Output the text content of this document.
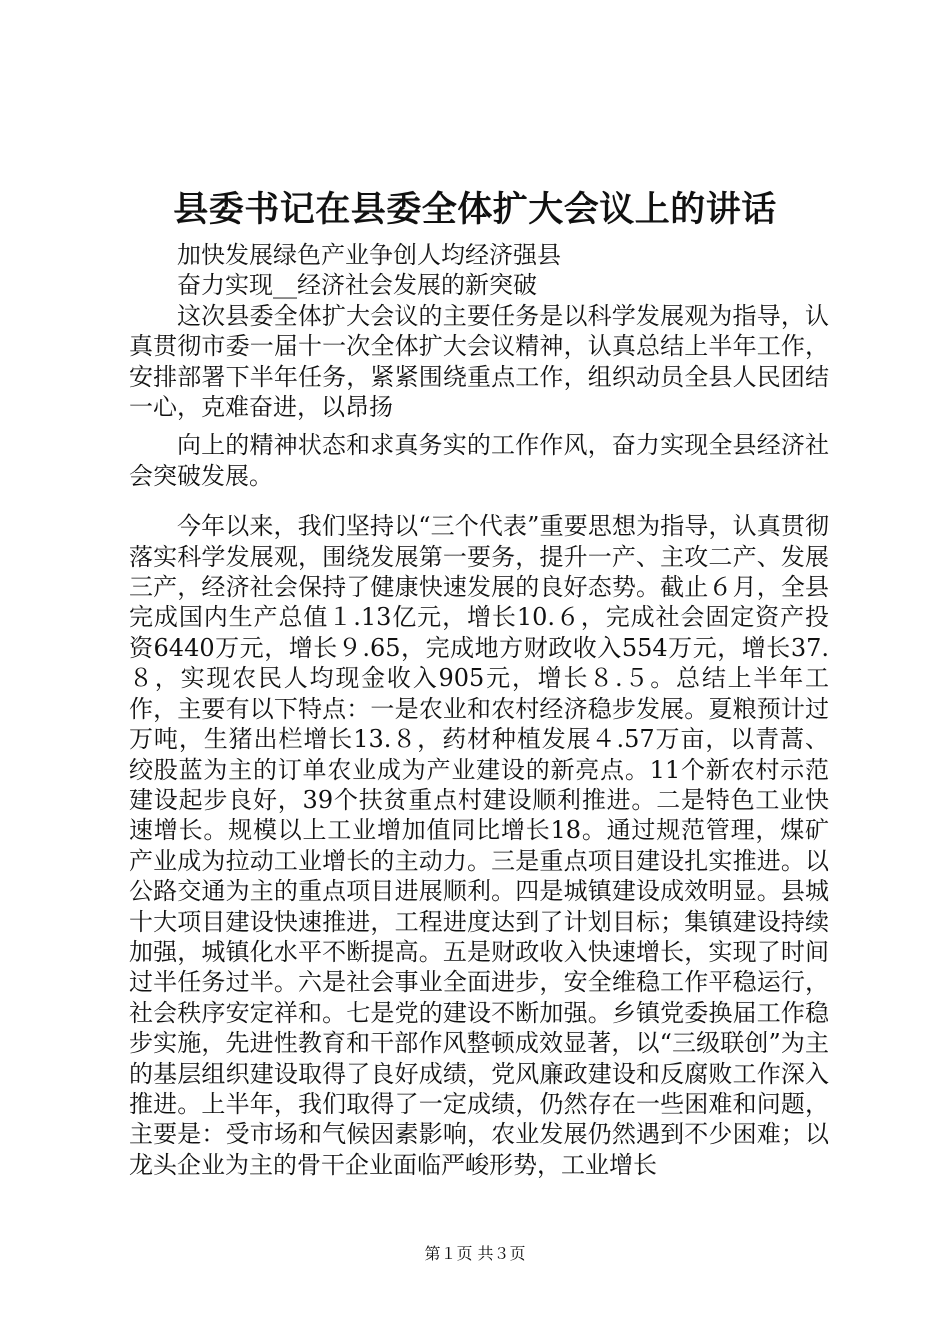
县委书记在县委全体扩大会议上的讲话

加快发展绿色产业争创人均经济强县

奋力实现__经济社会发展的新突破

这次县委全体扩大会议的主要任务是以科学发展观为指导，认真贯彻市委一届十一次全体扩大会议精神，认真总结上半年工作，安排部署下半年任务，紧紧围绕重点工作，组织动员全县人民团结一心，克难奋进，以昂扬

向上的精神状态和求真务实的工作作风，奋力实现全县经济社会突破发展。

今年以来，我们坚持以“三个代表”重要思想为指导，认真贯彻落实科学发展观，围绕发展第一要务，提升一产、主攻二产、发展三产，经济社会保持了健康快速发展的良好态势。截止６月，全县完成国内生产总值１.13亿元，增长10.６，完成社会固定资产投资6440万元，增长９.65，完成地方财政收入554万元，增长37.８，实现农民人均现金收入905元，增长８.５。总结上半年工作，主要有以下特点：一是农业和农村经济稳步发展。夏粮预计过万吨，生猪出栏增长13.８，药材种植发展４.57万亩，以青蒿、绞股蓝为主的订单农业成为产业建设的新亮点。11个新农村示范建设起步良好，39个扶贫重点村建设顺利推进。二是特色工业快速增长。规模以上工业增加值同比增长18。通过规范管理，煤矿产业成为拉动工业增长的主动力。三是重点项目建设扎实推进。以公路交通为主的重点项目进展顺利。四是城镇建设成效明显。县城十大项目建设快速推进，工程进度达到了计划目标；集镇建设持续加强，城镇化水平不断提高。五是财政收入快速增长，实现了时间过半任务过半。六是社会事业全面进步，安全维稳工作平稳运行，社会秩序安定祥和。七是党的建设不断加强。乡镇党委换届工作稳步实施，先进性教育和干部作风整顿成效显著，以“三级联创”为主的基层组织建设取得了良好成绩，党风廉政建设和反腐败工作深入推进。上半年，我们取得了一定成绩，仍然存在一些困难和问题，主要是：受市场和气候因素影响，农业发展仍然遇到不少困难；以龙头企业为主的骨干企业面临严峻形势，工业增长

第１页 共３页
